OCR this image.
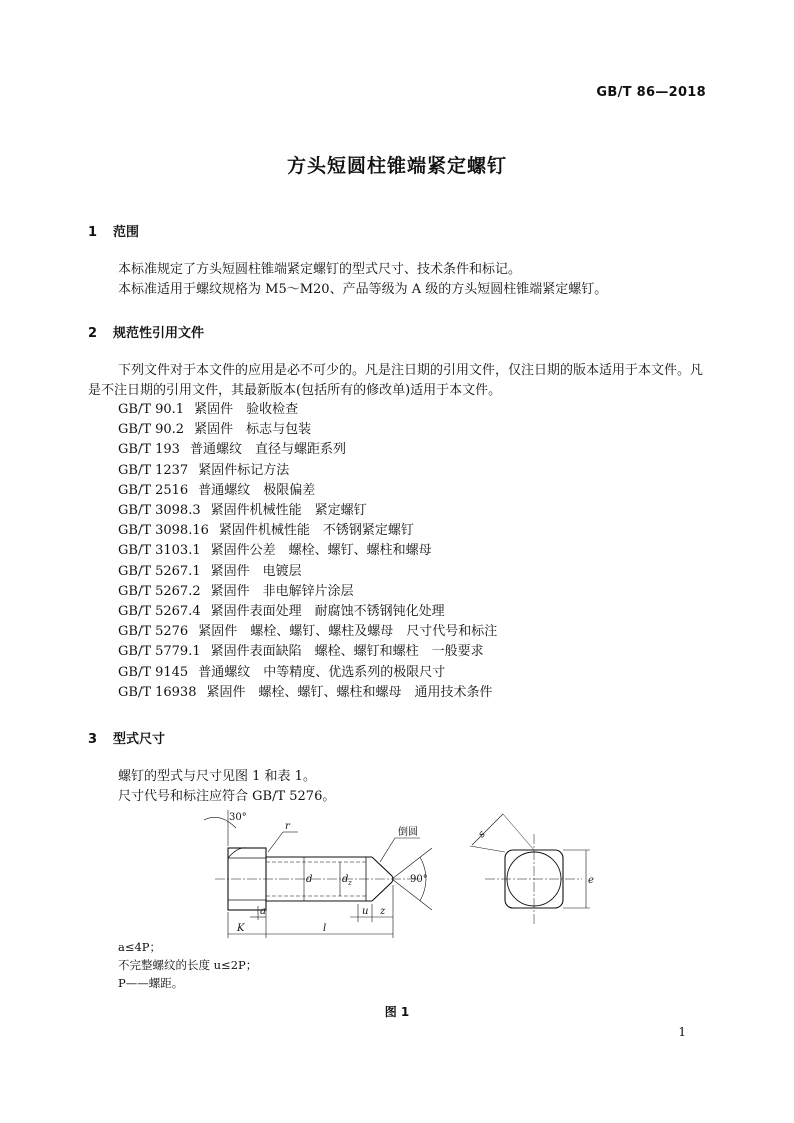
GB/T 86—2018
方头短圆柱锥端紧定螺钉
1 范围

本标准规定了方头短圆柱锥端紧定螺钉的型式尺寸、技术条件和标记。

本标准适用于螺纹规格为 M5～M20、产品等级为 A 级的方头短圆柱锥端紧定螺钉。

2 规范性引用文件

下列文件对于本文件的应用是必不可少的。凡是注日期的引用文件，仅注日期的版本适用于本文件。凡是不注日期的引用文件，其最新版本(包括所有的修改单)适用于本文件。

GB/T 90.1 紧固件　验收检查
GB/T 90.2 紧固件　标志与包装
GB/T 193 普通螺纹　直径与螺距系列
GB/T 1237 紧固件标记方法
GB/T 2516 普通螺纹　极限偏差
GB/T 3098.3 紧固件机械性能　紧定螺钉
GB/T 3098.16 紧固件机械性能　不锈钢紧定螺钉
GB/T 3103.1 紧固件公差　螺栓、螺钉、螺柱和螺母
GB/T 5267.1 紧固件　电镀层
GB/T 5267.2 紧固件　非电解锌片涂层
GB/T 5267.4 紧固件表面处理　耐腐蚀不锈钢钝化处理
GB/T 5276 紧固件　螺栓、螺钉、螺柱及螺母　尺寸代号和标注
GB/T 5779.1 紧固件表面缺陷　螺栓、螺钉和螺柱　一般要求
GB/T 9145 普通螺纹　中等精度、优选系列的极限尺寸
GB/T 16938 紧固件　螺栓、螺钉、螺柱和螺母　通用技术条件
3 型式尺寸

螺钉的型式与尺寸见图 1 和表 1。

尺寸代号和标注应符合 GB/T 5276。

30°
r
倒圆
90°
d	d z
a	u z
K	l
e
s
a≤4P；
不完整螺纹的长度 u≤2P；
P——螺距。
图 1
1
